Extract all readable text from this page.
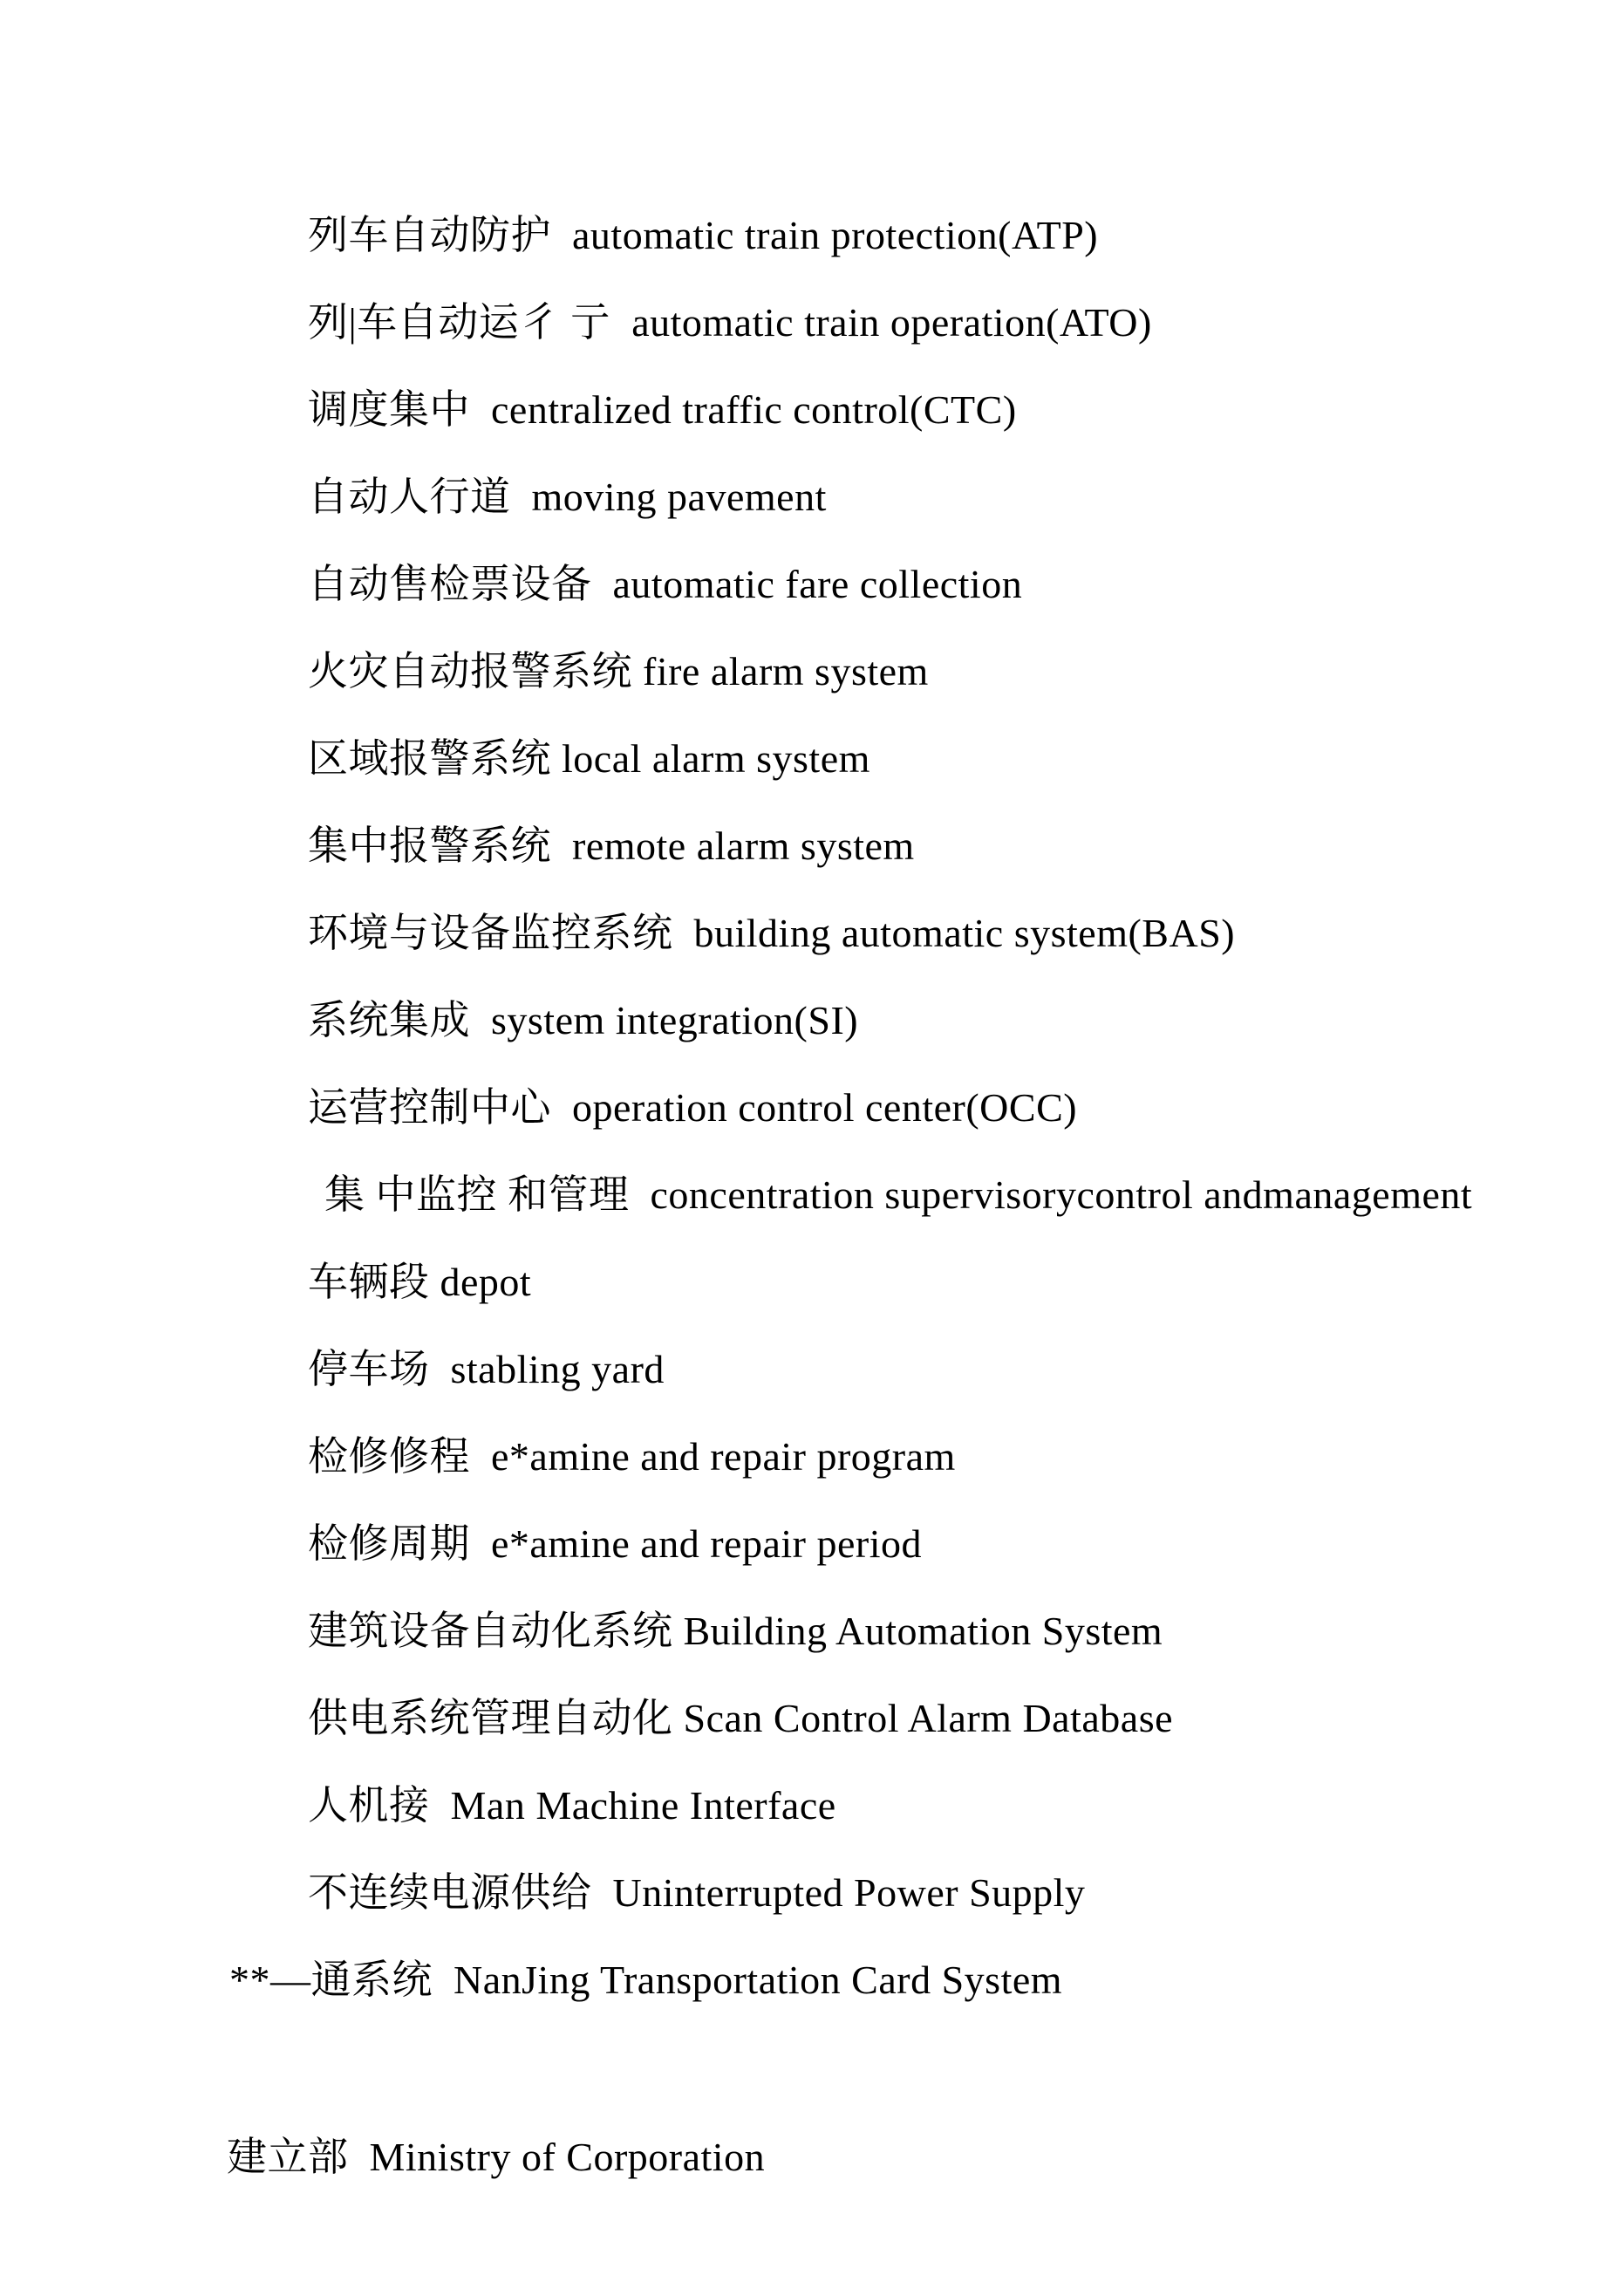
列车自动防护  automatic train protection(ATP)

列|车自动运彳 亍  automatic train operation(ATO)

调度集中  centralized traffic control(CTC)

自动人行道  moving pavement

自动售检票设备  automatic fare collection

火灾自动报警系统 fire alarm system

区域报警系统 local alarm system

集中报警系统  remote alarm system

环境与设备监控系统  building automatic system(BAS)

系统集成  system integration(SI)

运营控制中心  operation control center(OCC)

集 中监控 和管理  concentration supervisorycontrol andmanagement

车辆段 depot

停车场  stabling yard

检修修程  e*amine and repair program

检修周期  e*amine and repair period

建筑设备自动化系统 Building Automation System

供电系统管理自动化 Scan Control Alarm Database

人机接  Man Machine Interface

不连续电源供给  Uninterrupted Power Supply

**—通系统  NanJing Transportation Card System

建立部  Ministry of Corporation
